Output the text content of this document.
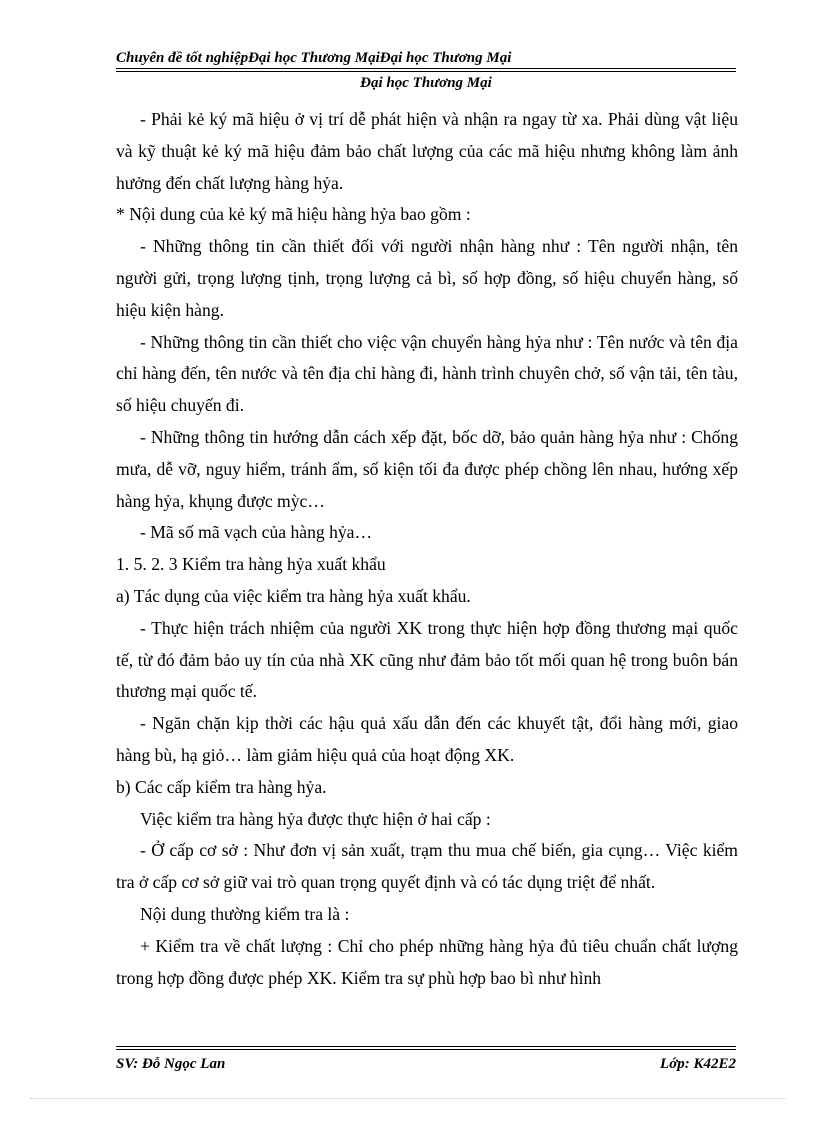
Chuyên đề tốt nghiệpĐại học Thương MạiĐại học Thương Mại
Đại học Thương Mại

- Phải kẻ ký mã hiệu ở vị trí dễ phát hiện và nhận ra ngay từ xa. Phải dùng vật liệu và kỹ thuật kẻ ký mã hiệu đảm bảo chất lượng của các mã hiệu nhưng không làm ảnh hưởng đến chất lượng hàng hỷa.

* Nội dung của kẻ ký mã hiệu hàng hỷa bao gồm :

- Những thông tin cần thiết đối với người nhận hàng như : Tên người nhận, tên người gửi, trọng lượng tịnh, trọng lượng cả bì, số hợp đồng, số hiệu chuyển hàng, số hiệu kiện hàng.

- Những thông tin cần thiết cho việc vận chuyển hàng hỷa như : Tên nước và tên địa chỉ hàng đến, tên nước và tên địa chỉ hàng đi, hành trình chuyên chở, số vận tải, tên tàu, số hiệu chuyến đi.

- Những thông tin hướng dẫn cách xếp đặt, bốc dỡ, bảo quản hàng hỷa như : Chống mưa, dễ vỡ, nguy hiểm, tránh ẩm, số kiện tối đa được phép chồng lên nhau, hướng xếp hàng hỷa, khụng được mỳc…

- Mã số mã vạch của hàng hỷa…

1. 5. 2. 3 Kiểm tra hàng hỷa xuất khẩu

a) Tác dụng của việc kiểm tra hàng hỷa xuất khẩu.

- Thực hiện trách nhiệm của người XK trong thực hiện hợp đồng thương mại quốc tế, từ đó đảm bảo uy tín của nhà XK cũng như đảm bảo tốt mối quan hệ trong buôn bán thương mại quốc tế.

- Ngăn chặn kịp thời các hậu quả xấu dẫn đến các khuyết tật, đổi hàng mới, giao hàng bù, hạ giỏ… làm giảm hiệu quả của hoạt động XK.

b) Các cấp kiểm tra hàng hỷa.

Việc kiểm tra hàng hỷa được thực hiện ở hai cấp :

- Ở cấp cơ sở : Như đơn vị sản xuất, trạm thu mua chế biến, gia cụng… Việc kiểm tra ở cấp cơ sở giữ vai trò quan trọng quyết định và có tác dụng triệt để nhất.

Nội dung thường kiểm tra là :

+ Kiểm tra về chất lượng : Chỉ cho phép những hàng hỷa đủ tiêu chuẩn chất lượng trong hợp đồng được phép XK. Kiểm tra sự phù hợp bao bì như hình

SV: Đỗ Ngọc Lan	Lớp: K42E2
